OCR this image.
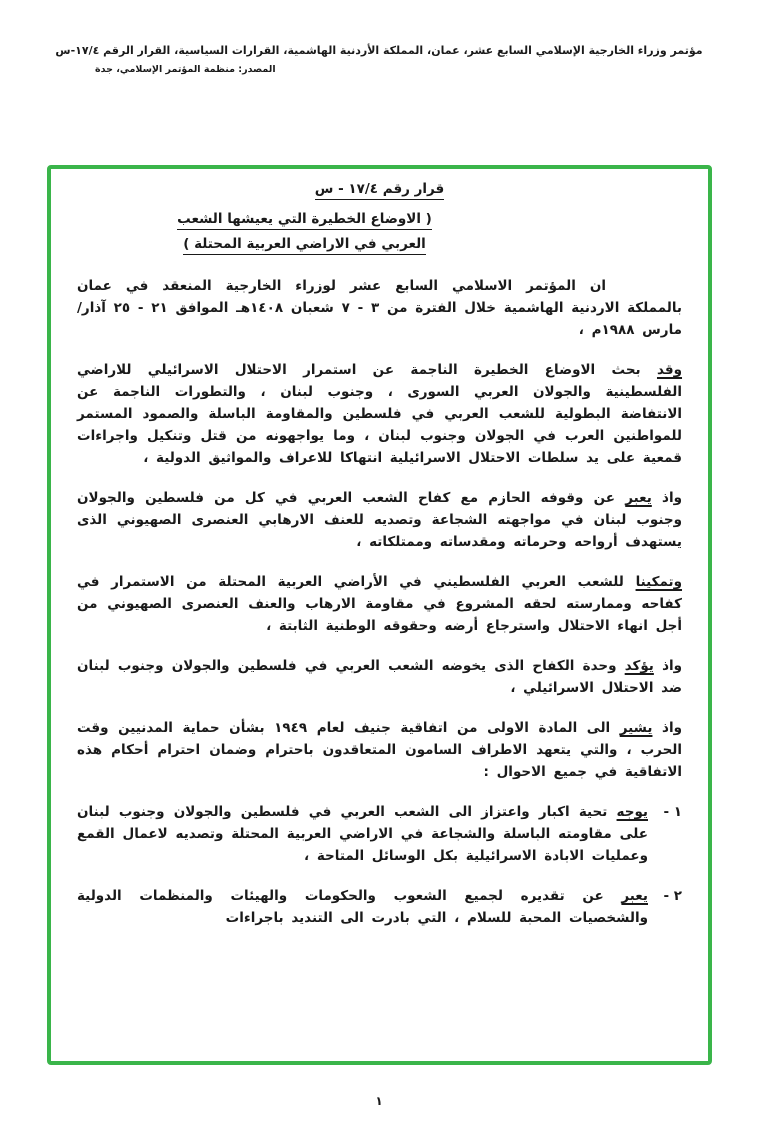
مؤتمر وزراء الخارجية الإسلامي السابع عشر، عمان، المملكة الأردنية الهاشمية، القرارات السياسية، القرار الرقم ١٧/٤-س
المصدر: منظمة المؤتمر الإسلامي، جدة
قرار رقم ١٧/٤ - س
( الاوضاع الخطيرة التي يعيشها الشعب
العربي في الاراضي العربية المحتلة )

ان المؤتمر الاسلامي السابع عشر لوزراء الخارجية المنعقد في عمان بالمملكة الاردنية الهاشمية خلال الفترة من ٣ - ٧ شعبان ١٤٠٨هـ الموافق ٢١ - ٢٥ آذار/ مارس ١٩٨٨م ،

وقد بحث الاوضاع الخطيرة الناجمة عن استمرار الاحتلال الاسرائيلي للاراضي الفلسطينية والجولان العربي السورى ، وجنوب لبنان ، والتطورات الناجمة عن الانتفاضة البطولية للشعب العربي في فلسطين والمقاومة الباسلة والصمود المستمر للمواطنين العرب في الجولان وجنوب لبنان ، وما يواجهونه من قتل وتنكيل واجراءات قمعية على يد سلطات الاحتلال الاسرائيلية انتهاكا للاعراف والمواثيق الدولية ،

واذ يعبر عن وقوفه الحازم مع كفاح الشعب العربي في كل من فلسطين والجولان وجنوب لبنان في مواجهته الشجاعة وتصديه للعنف الارهابي العنصرى الصهيوني الذى يستهدف أرواحه وحرماته ومقدساته وممتلكاته ،

وتمكينا للشعب العربي الفلسطيني في الأراضي العربية المحتلة من الاستمرار في كفاحه وممارسته لحقه المشروع في مقاومة الارهاب والعنف العنصرى الصهيوني من أجل انهاء الاحتلال واسترجاع أرضه وحقوقه الوطنية الثابتة ،

واذ يؤكد وحدة الكفاح الذى يخوضه الشعب العربي في فلسطين والجولان وجنوب لبنان ضد الاحتلال الاسرائيلي ،

واذ يشير الى المادة الاولى من اتفاقية جنيف لعام ١٩٤٩ بشأن حماية المدنيين وقت الحرب ، والتي يتعهد الاطراف السامون المتعاقدون باحترام وضمان احترام أحكام هذه الاتفاقية في جميع الاحوال :

١ -
يوجه تحية اكبار واعتزاز الى الشعب العربي في فلسطين والجولان وجنوب لبنان على مقاومته الباسلة والشجاعة في الاراضي العربية المحتلة وتصديه لاعمال القمع وعمليات الابادة الاسرائيلية بكل الوسائل المتاحة ،
٢ -
يعبر عن تقديره لجميع الشعوب والحكومات والهيئات والمنظمات الدولية والشخصيات المحبة للسلام ، التي بادرت الى التنديد باجراءات
١
